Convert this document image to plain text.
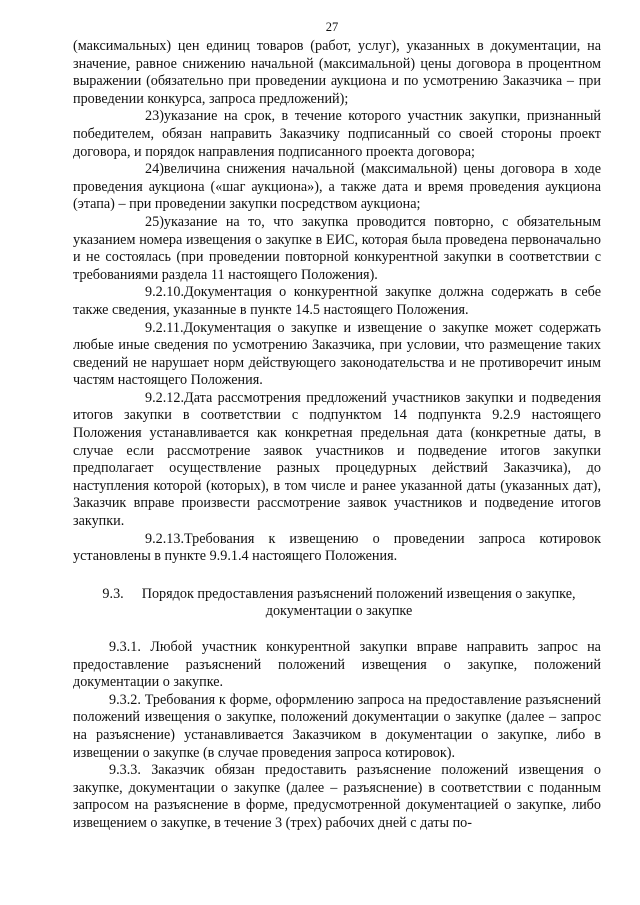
27

(максимальных) цен единиц товаров (работ, услуг), указанных в документации, на значение, равное снижению начальной (максимальной) цены договора в процентном выражении (обязательно при проведении аукциона и по усмотрению Заказчика – при проведении конкурса, запроса предложений);

23)указание на срок, в течение которого участник закупки, признанный победителем, обязан направить Заказчику подписанный со своей стороны проект договора, и порядок направления подписанного проекта договора;

24)величина снижения начальной (максимальной) цены договора в ходе проведения аукциона («шаг аукциона»), а также дата и время проведения аукциона (этапа) – при проведении закупки посредством аукциона;

25)указание на то, что закупка проводится повторно, с обязательным указанием номера извещения о закупке в ЕИС, которая была проведена первоначально и не состоялась (при проведении повторной конкурентной закупки в соответствии с требованиями раздела 11 настоящего Положения).

9.2.10.Документация о конкурентной закупке должна содержать в себе также сведения, указанные в пункте 14.5 настоящего Положения.

9.2.11.Документация о закупке и извещение о закупке может содержать любые иные сведения по усмотрению Заказчика, при условии, что размещение таких сведений не нарушает норм действующего законодательства и не противоречит иным частям настоящего Положения.

9.2.12.Дата рассмотрения предложений участников закупки и подведения итогов закупки в соответствии с подпунктом 14 подпункта 9.2.9 настоящего Положения устанавливается как конкретная предельная дата (конкретные даты, в случае если рассмотрение заявок участников и подведение итогов закупки предполагает осуществление разных процедурных действий Заказчика), до наступления которой (которых), в том числе и ранее указанной даты (указанных дат), Заказчик вправе произвести рассмотрение заявок участников и подведение итогов закупки.

9.2.13.Требования к извещению о проведении запроса котировок установлены в пункте 9.9.1.4 настоящего Положения.

9.3. Порядок предоставления разъяснений положений извещения о закупке, документации о закупке

9.3.1. Любой участник конкурентной закупки вправе направить запрос на предоставление разъяснений положений извещения о закупке, положений документации о закупке.

9.3.2. Требования к форме, оформлению запроса на предоставление разъяснений положений извещения о закупке, положений документации о закупке (далее – запрос на разъяснение) устанавливается Заказчиком в документации о закупке, либо в извещении о закупке (в случае проведения запроса котировок).

9.3.3. Заказчик обязан предоставить разъяснение положений извещения о закупке, документации о закупке (далее – разъяснение) в соответствии с поданным запросом на разъяснение в форме, предусмотренной документацией о закупке, либо извещением о закупке, в течение 3 (трех) рабочих дней с даты по-
